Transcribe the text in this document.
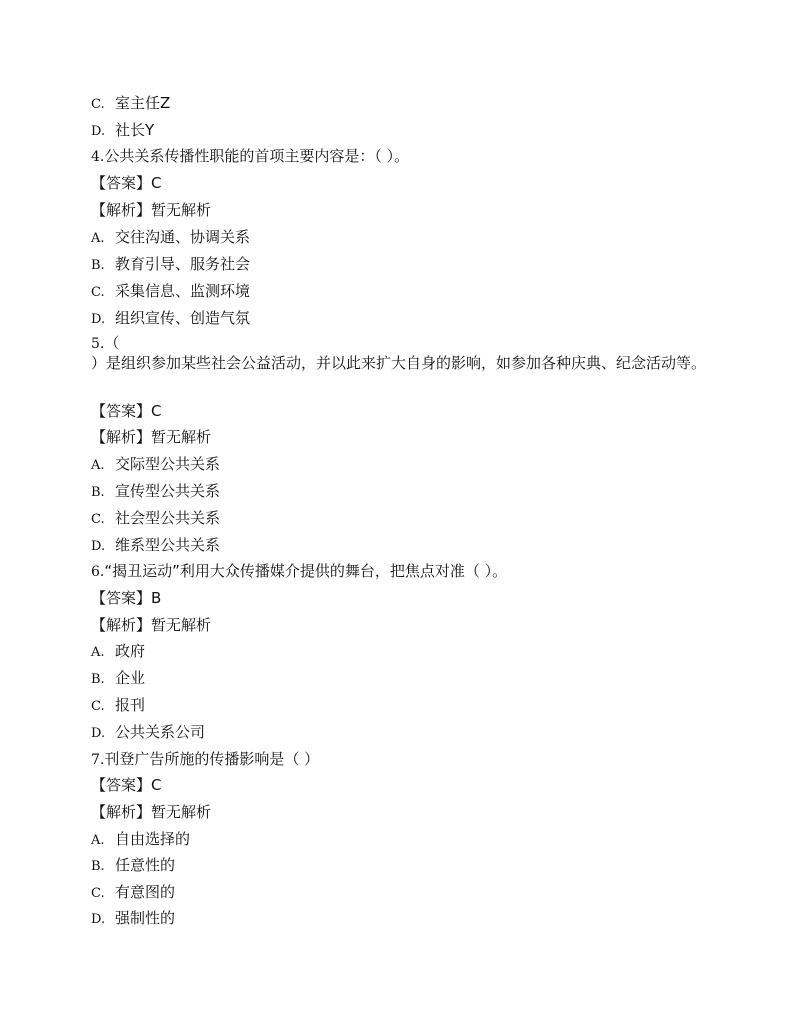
C. 室主任Z
D. 社长Y
4.公共关系传播性职能的首项主要内容是：（ ）。
【答案】C
【解析】暂无解析
A. 交往沟通、协调关系
B. 教育引导、服务社会
C. 采集信息、监测环境
D. 组织宣传、创造气氛
5.（
）是组织参加某些社会公益活动，并以此来扩大自身的影响，如参加各种庆典、纪念活动等。
【答案】C
【解析】暂无解析
A. 交际型公共关系
B. 宣传型公共关系
C. 社会型公共关系
D. 维系型公共关系
6.“揭丑运动”利用大众传播媒介提供的舞台，把焦点对准（ ）。
【答案】B
【解析】暂无解析
A. 政府
B. 企业
C. 报刊
D. 公共关系公司
7.刊登广告所施的传播影响是（ ）
【答案】C
【解析】暂无解析
A. 自由选择的
B. 任意性的
C. 有意图的
D. 强制性的
